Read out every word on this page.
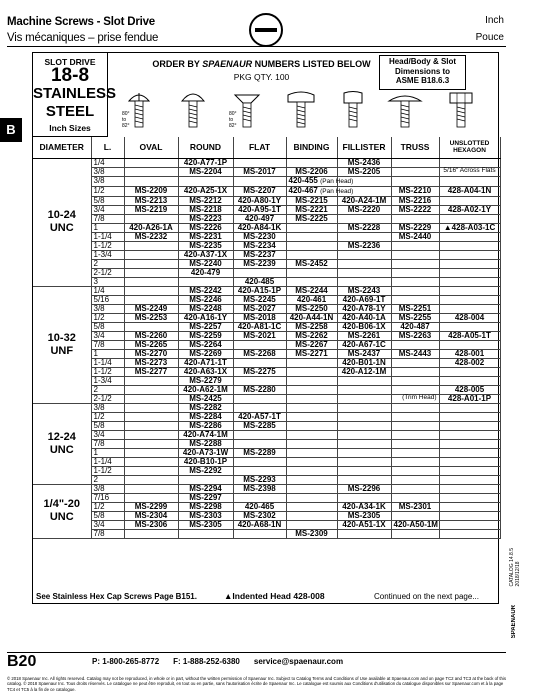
Machine Screws - Slot Drive
Vis mécaniques – prise fendue
Inch
Pouce
B
SLOT DRIVE
18-8
STAINLESS
STEEL
Inch Sizes
ORDER BY SPAENAUR NUMBERS LISTED BELOW
PKG QTY. 100
Head/Body & Slot
Dimensions to
ASME B18.6.3
80°
to
82°
80°
to
82°
DIAMETER	L.	OVAL	ROUND	FLAT	BINDING	FILLISTER	TRUSS	UNSLOTTED HEXAGON
10-24 UNC	1/4		420-A77-1P			MS-2436		
	3/8		MS-2204	MS-2017	MS-2206	MS-2205		5/16" Across Flats
	3/8				420-455 (Pan Head)			
	1/2	MS-2209	420-A25-1X	MS-2207	420-467 (Pan Head)		MS-2210	428-A04-1N
	5/8	MS-2213	MS-2212	420-A80-1Y	MS-2215	420-A24-1M	MS-2216	
	3/4	MS-2219	MS-2218	420-A95-1T	MS-2221	MS-2220	MS-2222	428-A02-1Y
	7/8		MS-2223	420-497	MS-2225			
	1	420-A26-1A	MS-2226	420-A84-1K		MS-2228	MS-2229	▲428-A03-1C
	1-1/4	MS-2232	MS-2231	MS-2230			MS-2440	
	1-1/2		MS-2235	MS-2234		MS-2236		
	1-3/4		420-A37-1X	MS-2237				
	2		MS-2240	MS-2239	MS-2452			
	2-1/2		420-479					
	3			420-485				
10-32 UNF	1/4		MS-2242	420-A15-1P	MS-2244	MS-2243		
	5/16		MS-2246	MS-2245	420-461	420-A69-1T		
	3/8	MS-2249	MS-2248	MS-2027	MS-2250	420-A78-1Y	MS-2251	
	1/2	MS-2253	420-A16-1Y	MS-2018	420-A44-1N	420-A40-1A	MS-2255	428-004
	5/8		MS-2257	420-A81-1C	MS-2258	420-B06-1X	420-487	
	3/4	MS-2260	MS-2259	MS-2021	MS-2262	MS-2261	MS-2263	428-A05-1T
	7/8	MS-2265	MS-2264		MS-2267	420-A67-1C		
	1	MS-2270	MS-2269	MS-2268	MS-2271	MS-2437	MS-2443	428-001
	1-1/4	MS-2273	420-A71-1T			420-B01-1N		428-002
	1-1/2	MS-2277	420-A63-1X	MS-2275		420-A12-1M		
	1-3/4		MS-2279					
	2		420-A62-1M	MS-2280				428-005
	2-1/2		MS-2425				(Trim Head)	428-A01-1P
12-24 UNC	3/8		MS-2282					
	1/2		MS-2284	420-A57-1T				
	5/8		MS-2286	MS-2285				
	3/4		420-A74-1M					
	7/8		MS-2288					
	1		420-A73-1W	MS-2289				
	1-1/4		420-B10-1P					
	1-1/2		MS-2292					
	2			MS-2293				
1/4"-20 UNC	3/8		MS-2294	MS-2398		MS-2296		
	7/16		MS-2297					
	1/2	MS-2299	MS-2298	420-465		420-A34-1K	MS-2301	
	5/8	MS-2304	MS-2303	MS-2302		MS-2305		
	3/4	MS-2306	MS-2305	420-A68-1N		420-A51-1X	420-A50-1M	
	7/8				MS-2309			
See Stainless Hex Cap Screws Page B151.	▲Indented Head 428-008	Continued on the next page...
CATALOG 14.8.5
2018/12/18
SPAENAUR
B20	P: 1-800-265-8772 F: 1-888-252-6380 service@spaenaur.com
© 2018 Spaenaur Inc. All rights reserved. Catalog may not be reproduced, in whole or in part, without the written permission of Spaenaur Inc. Subject to Catalog Terms and Conditions of Use available at Spaenaur.com and on page TC2 and TC3 at the back of this catalog. © 2018 Spaenaur Inc. Tous droits réservés. Le catalogue ne peut être reproduit, en tout ou en partie, sans l'autorisation écrite de Spaenaur Inc. Le catalogue est soumis aux Conditions d'utilisation du catalogue disponibles sur Spaenaur.com et à la page TC4 et TC5 à la fin de ce catalogue.
